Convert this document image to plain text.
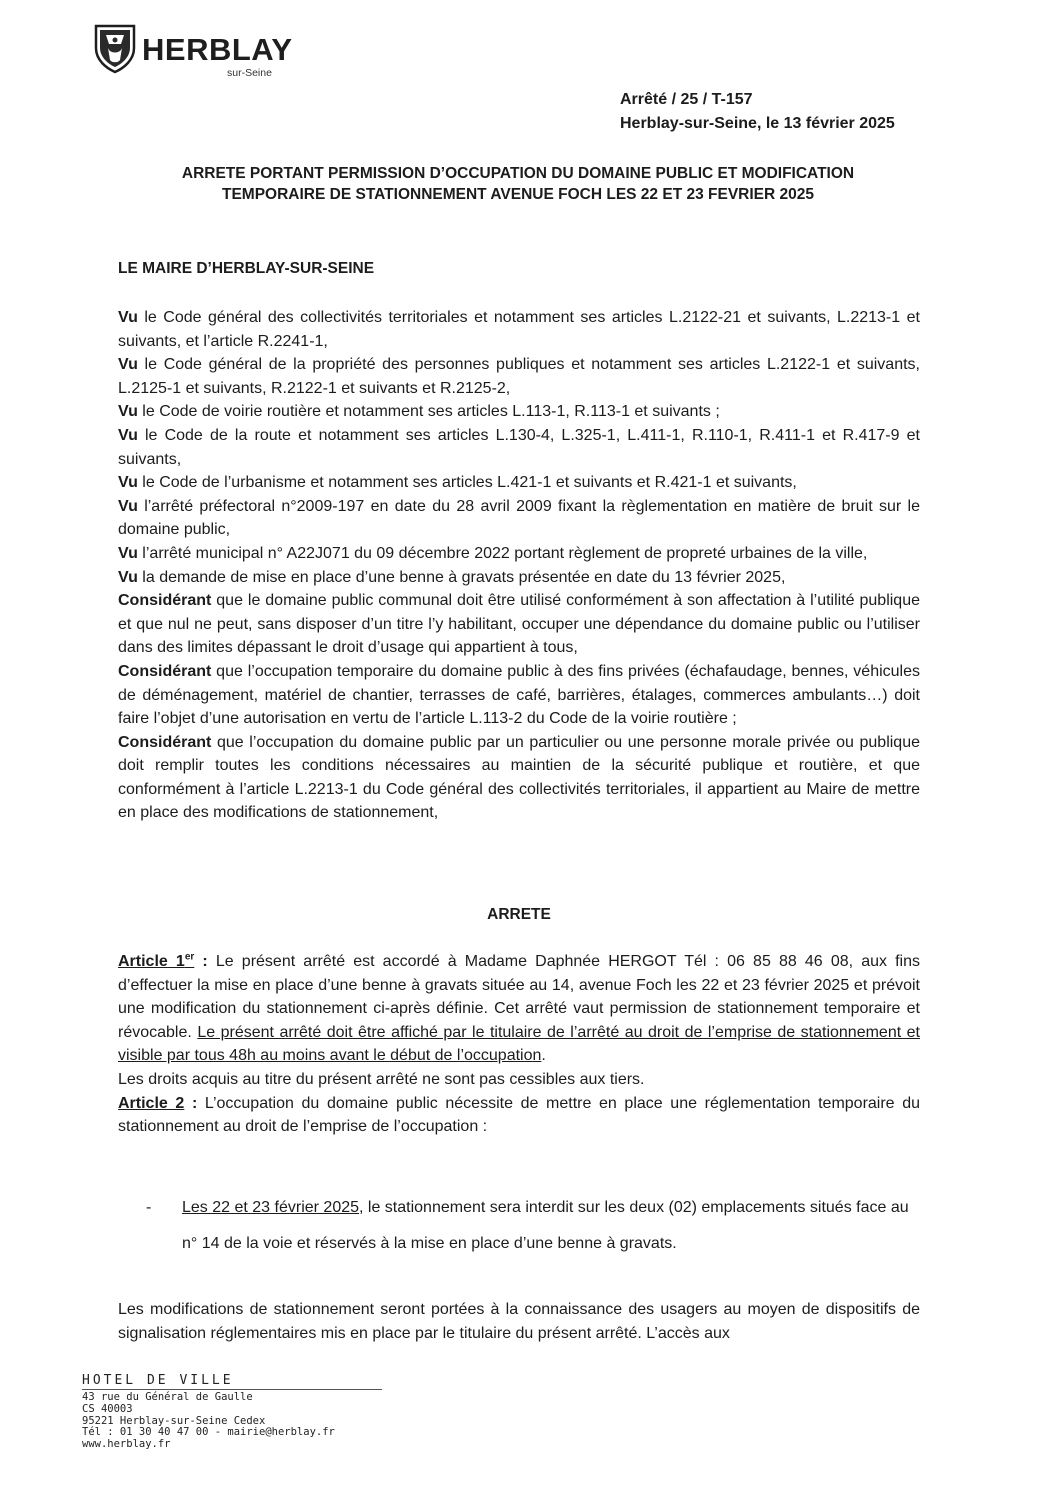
HERBLAY
sur-Seine
Arrêté / 25 / T-157
Herblay-sur-Seine, le 13 février 2025
ARRETE PORTANT PERMISSION D’OCCUPATION DU DOMAINE PUBLIC ET MODIFICATION
TEMPORAIRE DE STATIONNEMENT AVENUE FOCH LES 22 ET 23 FEVRIER 2025
LE MAIRE D’HERBLAY-SUR-SEINE

Vu le Code général des collectivités territoriales et notamment ses articles L.2122-21 et suivants, L.2213-1 et suivants, et l’article R.2241-1,

Vu le Code général de la propriété des personnes publiques et notamment ses articles L.2122-1 et suivants, L.2125-1 et suivants, R.2122-1 et suivants et R.2125-2,

Vu le Code de voirie routière et notamment ses articles L.113-1, R.113-1 et suivants ;

Vu le Code de la route et notamment ses articles L.130-4, L.325-1, L.411-1, R.110-1, R.411-1 et R.417-9 et suivants,

Vu le Code de l’urbanisme et notamment ses articles L.421-1 et suivants et R.421-1 et suivants,

Vu l’arrêté préfectoral n°2009-197 en date du 28 avril 2009 fixant la règlementation en matière de bruit sur le domaine public,

Vu l’arrêté municipal n° A22J071 du 09 décembre 2022 portant règlement de propreté urbaines de la ville,

Vu la demande de mise en place d’une benne à gravats présentée en date du 13 février 2025,

Considérant que le domaine public communal doit être utilisé conformément à son affectation à l’utilité publique et que nul ne peut, sans disposer d’un titre l’y habilitant, occuper une dépendance du domaine public ou l’utiliser dans des limites dépassant le droit d’usage qui appartient à tous,

Considérant que l’occupation temporaire du domaine public à des fins privées (échafaudage, bennes, véhicules de déménagement, matériel de chantier, terrasses de café, barrières, étalages, commerces ambulants…) doit faire l’objet d’une autorisation en vertu de l’article L.113-2 du Code de la voirie routière ;

Considérant que l’occupation du domaine public par un particulier ou une personne morale privée ou publique doit remplir toutes les conditions nécessaires au maintien de la sécurité publique et routière, et que conformément à l’article L.2213-1 du Code général des collectivités territoriales, il appartient au Maire de mettre en place des modifications de stationnement,

ARRETE

Article 1er : Le présent arrêté est accordé à Madame Daphnée HERGOT Tél : 06 85 88 46 08, aux fins d’effectuer la mise en place d’une benne à gravats située au 14, avenue Foch les 22 et 23 février 2025 et prévoit une modification du stationnement ci-après définie. Cet arrêté vaut permission de stationnement temporaire et révocable. Le présent arrêté doit être affiché par le titulaire de l’arrêté au droit de l’emprise de stationnement et visible par tous 48h au moins avant le début de l’occupation.

Les droits acquis au titre du présent arrêté ne sont pas cessibles aux tiers.

Article 2 : L’occupation du domaine public nécessite de mettre en place une réglementation temporaire du stationnement au droit de l’emprise de l’occupation :

- Les 22 et 23 février 2025, le stationnement sera interdit sur les deux (02) emplacements situés face au n° 14 de la voie et réservés à la mise en place d’une benne à gravats.
Les modifications de stationnement seront portées à la connaissance des usagers au moyen de dispositifs de signalisation réglementaires mis en place par le titulaire du présent arrêté. L’accès aux
HOTEL DE VILLE
43 rue du Général de Gaulle
CS 40003
95221 Herblay-sur-Seine Cedex
Tél : 01 30 40 47 00 - mairie@herblay.fr
www.herblay.fr
